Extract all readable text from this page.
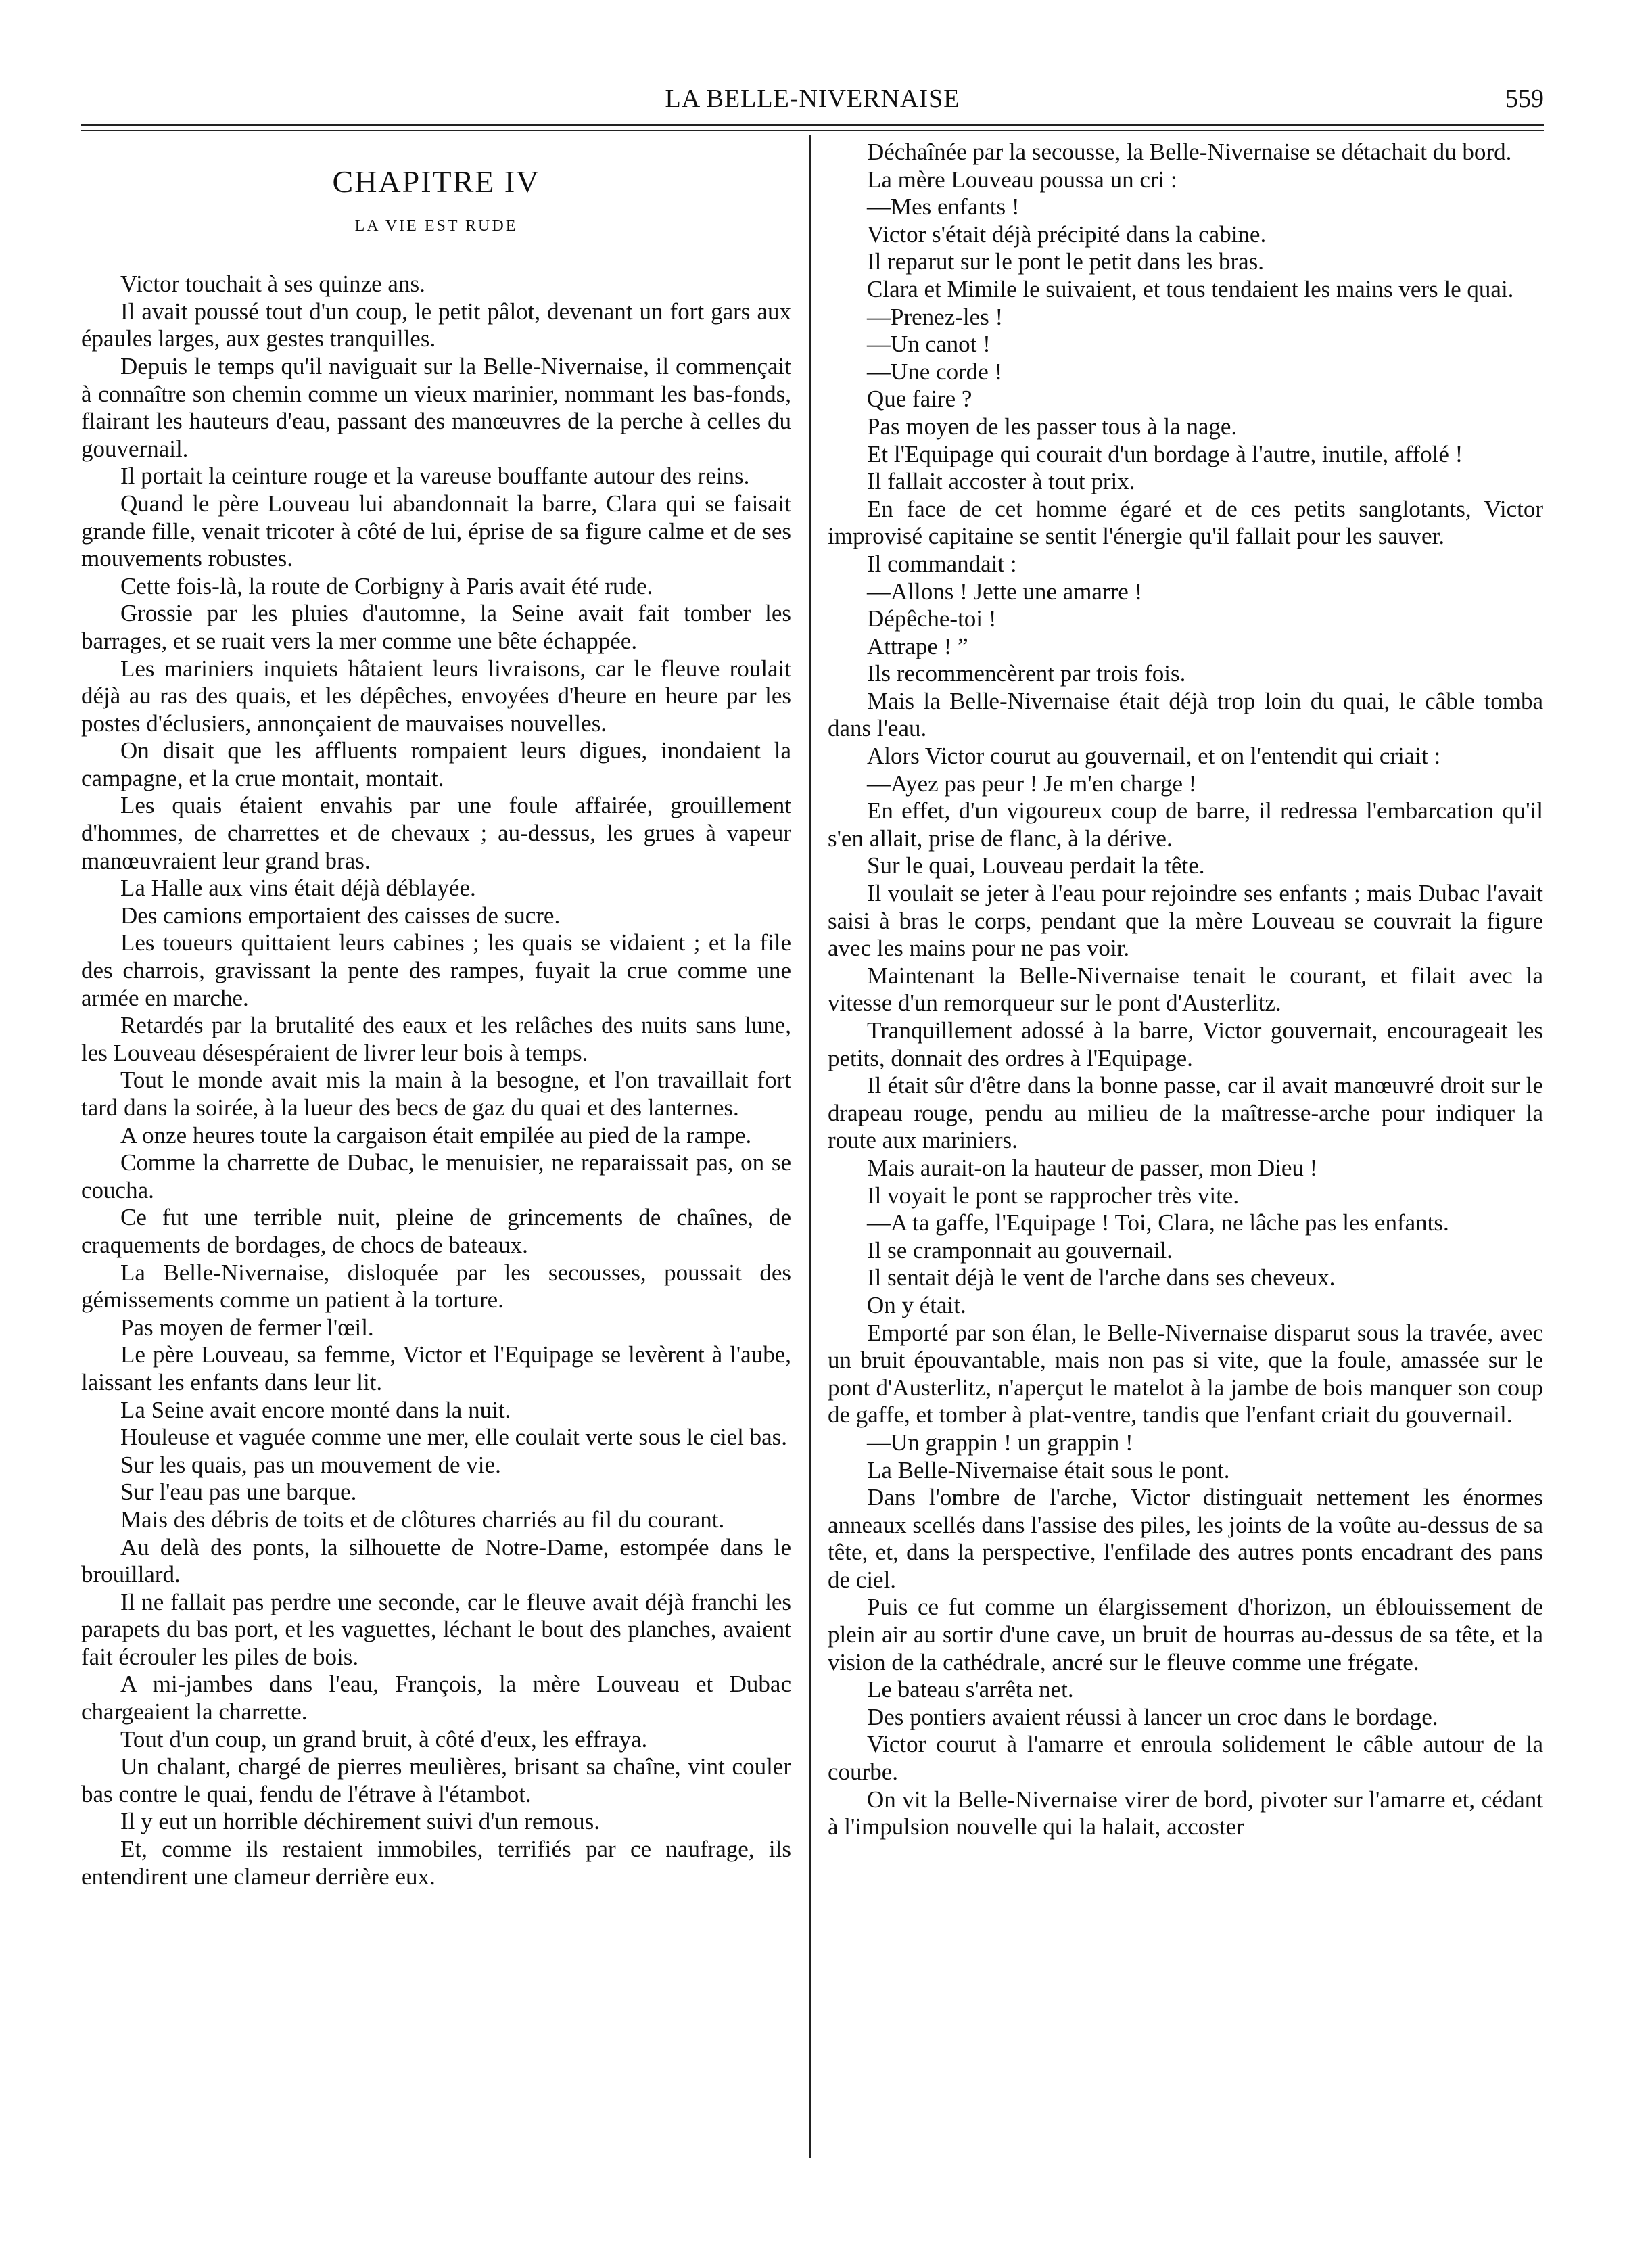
LA BELLE-NIVERNAISE	559

CHAPITRE IV

LA VIE EST RUDE

Victor touchait à ses quinze ans.

Il avait poussé tout d'un coup, le petit pâlot, devenant un fort gars aux épaules larges, aux gestes tranquilles.

Depuis le temps qu'il naviguait sur la Belle-Nivernaise, il commençait à connaître son chemin comme un vieux marinier, nommant les bas-fonds, flairant les hauteurs d'eau, passant des manœuvres de la perche à celles du gouvernail.

Il portait la ceinture rouge et la vareuse bouffante autour des reins.

Quand le père Louveau lui abandonnait la barre, Clara qui se faisait grande fille, venait tricoter à côté de lui, éprise de sa figure calme et de ses mouvements robustes.

Cette fois-là, la route de Corbigny à Paris avait été rude.

Grossie par les pluies d'automne, la Seine avait fait tomber les barrages, et se ruait vers la mer comme une bête échappée.

Les mariniers inquiets hâtaient leurs livraisons, car le fleuve roulait déjà au ras des quais, et les dépêches, envoyées d'heure en heure par les postes d'éclusiers, annonçaient de mauvaises nouvelles.

On disait que les affluents rompaient leurs digues, inondaient la campagne, et la crue montait, montait.

Les quais étaient envahis par une foule affairée, grouillement d'hommes, de charrettes et de chevaux ; au-dessus, les grues à vapeur manœuvraient leur grand bras.

La Halle aux vins était déjà déblayée.

Des camions emportaient des caisses de sucre.

Les toueurs quittaient leurs cabines ; les quais se vidaient ; et la file des charrois, gravissant la pente des rampes, fuyait la crue comme une armée en marche.

Retardés par la brutalité des eaux et les relâches des nuits sans lune, les Louveau désespéraient de livrer leur bois à temps.

Tout le monde avait mis la main à la besogne, et l'on travaillait fort tard dans la soirée, à la lueur des becs de gaz du quai et des lanternes.

A onze heures toute la cargaison était empilée au pied de la rampe.

Comme la charrette de Dubac, le menuisier, ne reparaissait pas, on se coucha.

Ce fut une terrible nuit, pleine de grincements de chaînes, de craquements de bordages, de chocs de bateaux.

La Belle-Nivernaise, disloquée par les secousses, poussait des gémissements comme un patient à la torture.

Pas moyen de fermer l'œil.

Le père Louveau, sa femme, Victor et l'Equipage se levèrent à l'aube, laissant les enfants dans leur lit.

La Seine avait encore monté dans la nuit.

Houleuse et vaguée comme une mer, elle coulait verte sous le ciel bas.

Sur les quais, pas un mouvement de vie.

Sur l'eau pas une barque.

Mais des débris de toits et de clôtures charriés au fil du courant.

Au delà des ponts, la silhouette de Notre-Dame, estompée dans le brouillard.

Il ne fallait pas perdre une seconde, car le fleuve avait déjà franchi les parapets du bas port, et les vaguettes, léchant le bout des planches, avaient fait écrouler les piles de bois.

A mi-jambes dans l'eau, François, la mère Louveau et Dubac chargeaient la charrette.

Tout d'un coup, un grand bruit, à côté d'eux, les effraya.

Un chalant, chargé de pierres meulières, brisant sa chaîne, vint couler bas contre le quai, fendu de l'étrave à l'étambot.

Il y eut un horrible déchirement suivi d'un remous.

Et, comme ils restaient immobiles, terrifiés par ce naufrage, ils entendirent une clameur derrière eux.

Déchaînée par la secousse, la Belle-Nivernaise se détachait du bord.

La mère Louveau poussa un cri :

—Mes enfants !

Victor s'était déjà précipité dans la cabine.

Il reparut sur le pont le petit dans les bras.

Clara et Mimile le suivaient, et tous tendaient les mains vers le quai.

—Prenez-les !

—Un canot !

—Une corde !

Que faire ?

Pas moyen de les passer tous à la nage.

Et l'Equipage qui courait d'un bordage à l'autre, inutile, affolé !

Il fallait accoster à tout prix.

En face de cet homme égaré et de ces petits sanglotants, Victor improvisé capitaine se sentit l'énergie qu'il fallait pour les sauver.

Il commandait :

—Allons ! Jette une amarre !

Dépêche-toi !

Attrape ! ”

Ils recommencèrent par trois fois.

Mais la Belle-Nivernaise était déjà trop loin du quai, le câble tomba dans l'eau.

Alors Victor courut au gouvernail, et on l'entendit qui criait :

—Ayez pas peur ! Je m'en charge !

En effet, d'un vigoureux coup de barre, il redressa l'embarcation qu'il s'en allait, prise de flanc, à la dérive.

Sur le quai, Louveau perdait la tête.

Il voulait se jeter à l'eau pour rejoindre ses enfants ; mais Dubac l'avait saisi à bras le corps, pendant que la mère Louveau se couvrait la figure avec les mains pour ne pas voir.

Maintenant la Belle-Nivernaise tenait le courant, et filait avec la vitesse d'un remorqueur sur le pont d'Austerlitz.

Tranquillement adossé à la barre, Victor gouvernait, encourageait les petits, donnait des ordres à l'Equipage.

Il était sûr d'être dans la bonne passe, car il avait manœuvré droit sur le drapeau rouge, pendu au milieu de la maîtresse-arche pour indiquer la route aux mariniers.

Mais aurait-on la hauteur de passer, mon Dieu !

Il voyait le pont se rapprocher très vite.

—A ta gaffe, l'Equipage ! Toi, Clara, ne lâche pas les enfants.

Il se cramponnait au gouvernail.

Il sentait déjà le vent de l'arche dans ses cheveux.

On y était.

Emporté par son élan, le Belle-Nivernaise disparut sous la travée, avec un bruit épouvantable, mais non pas si vite, que la foule, amassée sur le pont d'Austerlitz, n'aperçut le matelot à la jambe de bois manquer son coup de gaffe, et tomber à plat-ventre, tandis que l'enfant criait du gouvernail.

—Un grappin ! un grappin !

La Belle-Nivernaise était sous le pont.

Dans l'ombre de l'arche, Victor distinguait nettement les énormes anneaux scellés dans l'assise des piles, les joints de la voûte au-dessus de sa tête, et, dans la perspective, l'enfilade des autres ponts encadrant des pans de ciel.

Puis ce fut comme un élargissement d'horizon, un éblouissement de plein air au sortir d'une cave, un bruit de hourras au-dessus de sa tête, et la vision de la cathédrale, ancré sur le fleuve comme une frégate.

Le bateau s'arrêta net.

Des pontiers avaient réussi à lancer un croc dans le bordage.

Victor courut à l'amarre et enroula solidement le câble autour de la courbe.

On vit la Belle-Nivernaise virer de bord, pivoter sur l'amarre et, cédant à l'impulsion nouvelle qui la halait, accoster
